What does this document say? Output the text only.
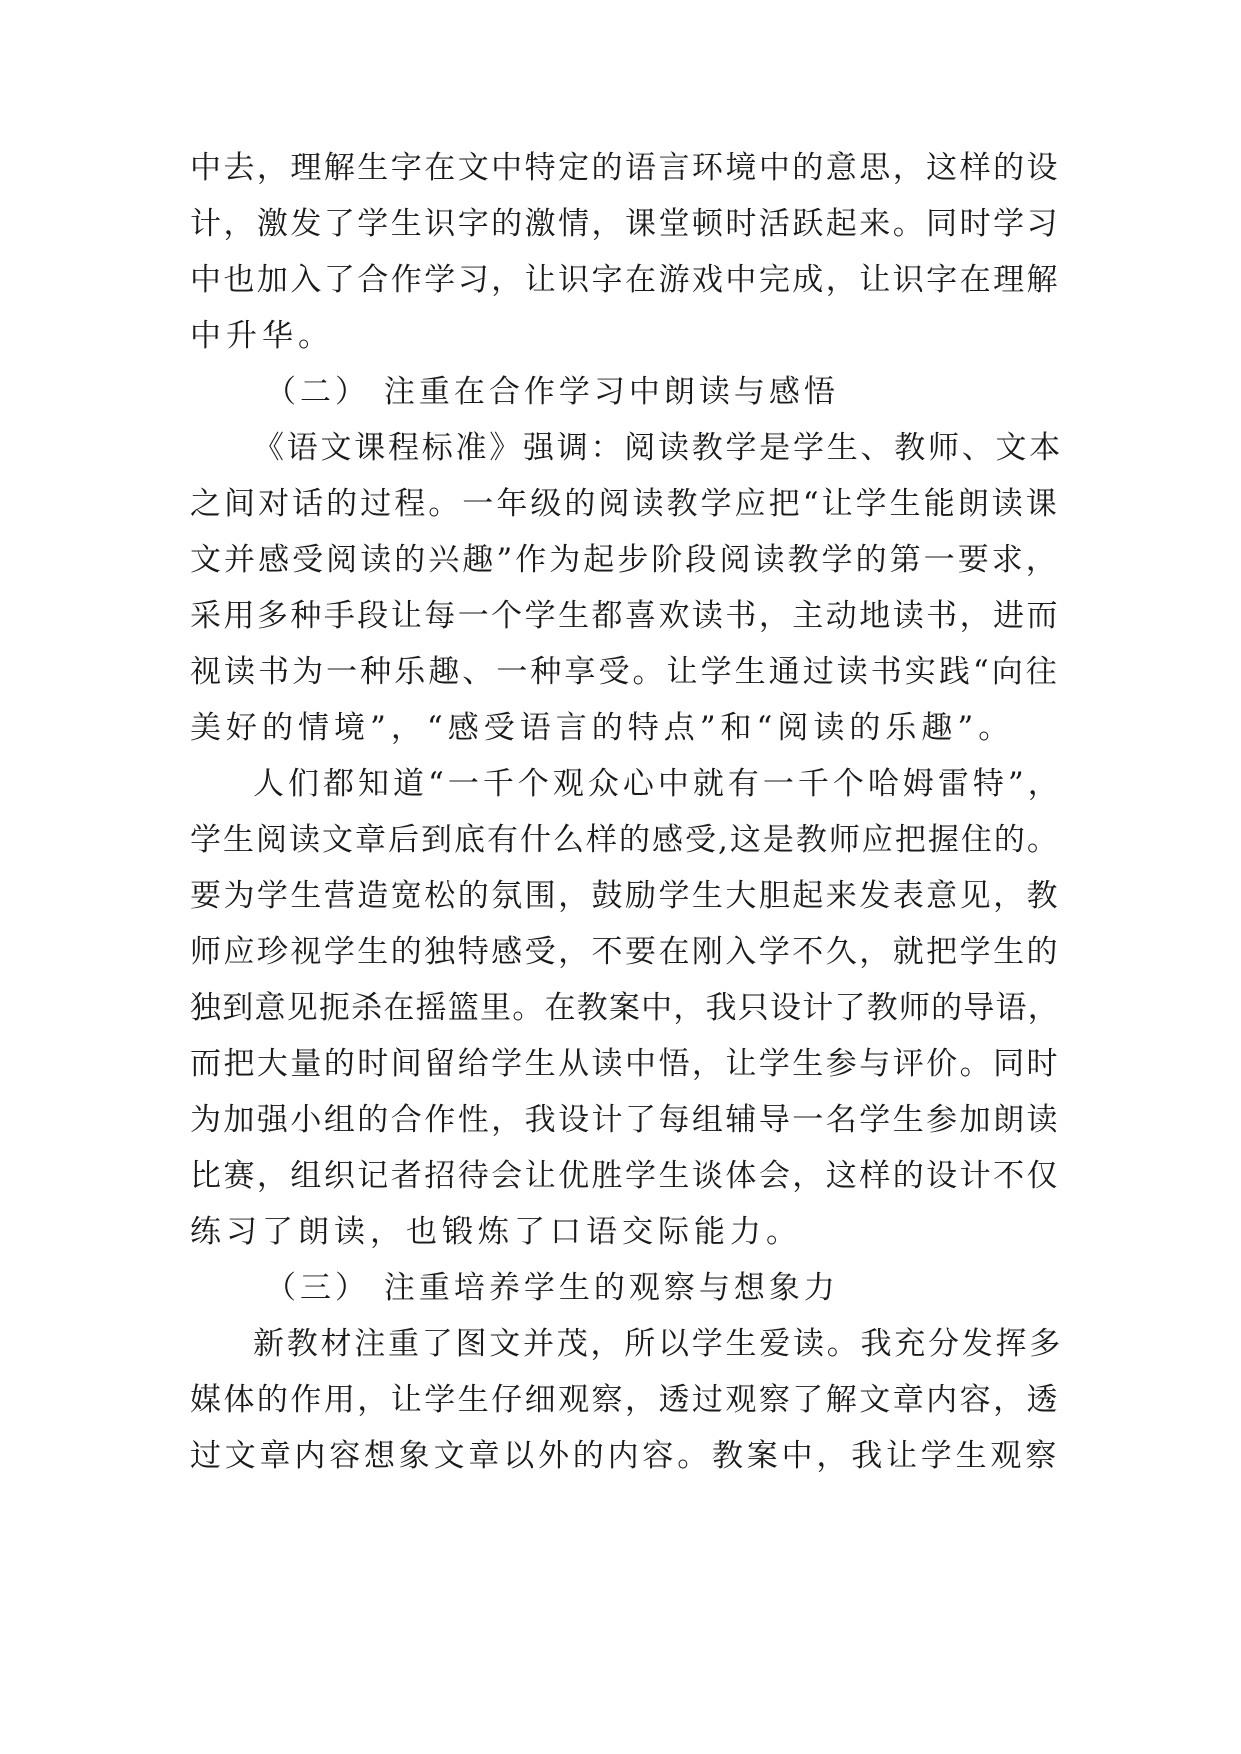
中去，理解生字在文中特定的语言环境中的意思，这样的设
计，激发了学生识字的激情，课堂顿时活跃起来。同时学习
中也加入了合作学习，让识字在游戏中完成，让识字在理解
中升华。
（二） 注重在合作学习中朗读与感悟
《语文课程标准》强调：阅读教学是学生、教师、文本
之间对话的过程。一年级的阅读教学应把“让学生能朗读课
文并感受阅读的兴趣”作为起步阶段阅读教学的第一要求，
采用多种手段让每一个学生都喜欢读书，主动地读书，进而
视读书为一种乐趣、一种享受。让学生通过读书实践“向往
美好的情境”，“感受语言的特点”和“阅读的乐趣”。
人们都知道“一千个观众心中就有一千个哈姆雷特”，
学生阅读文章后到底有什么样的感受,这是教师应把握住的。
要为学生营造宽松的氛围，鼓励学生大胆起来发表意见，教
师应珍视学生的独特感受，不要在刚入学不久，就把学生的
独到意见扼杀在摇篮里。在教案中，我只设计了教师的导语，
而把大量的时间留给学生从读中悟，让学生参与评价。同时
为加强小组的合作性，我设计了每组辅导一名学生参加朗读
比赛，组织记者招待会让优胜学生谈体会，这样的设计不仅
练习了朗读，也锻炼了口语交际能力。
（三） 注重培养学生的观察与想象力
新教材注重了图文并茂，所以学生爱读。我充分发挥多
媒体的作用，让学生仔细观察，透过观察了解文章内容，透
过文章内容想象文章以外的内容。教案中，我让学生观察
